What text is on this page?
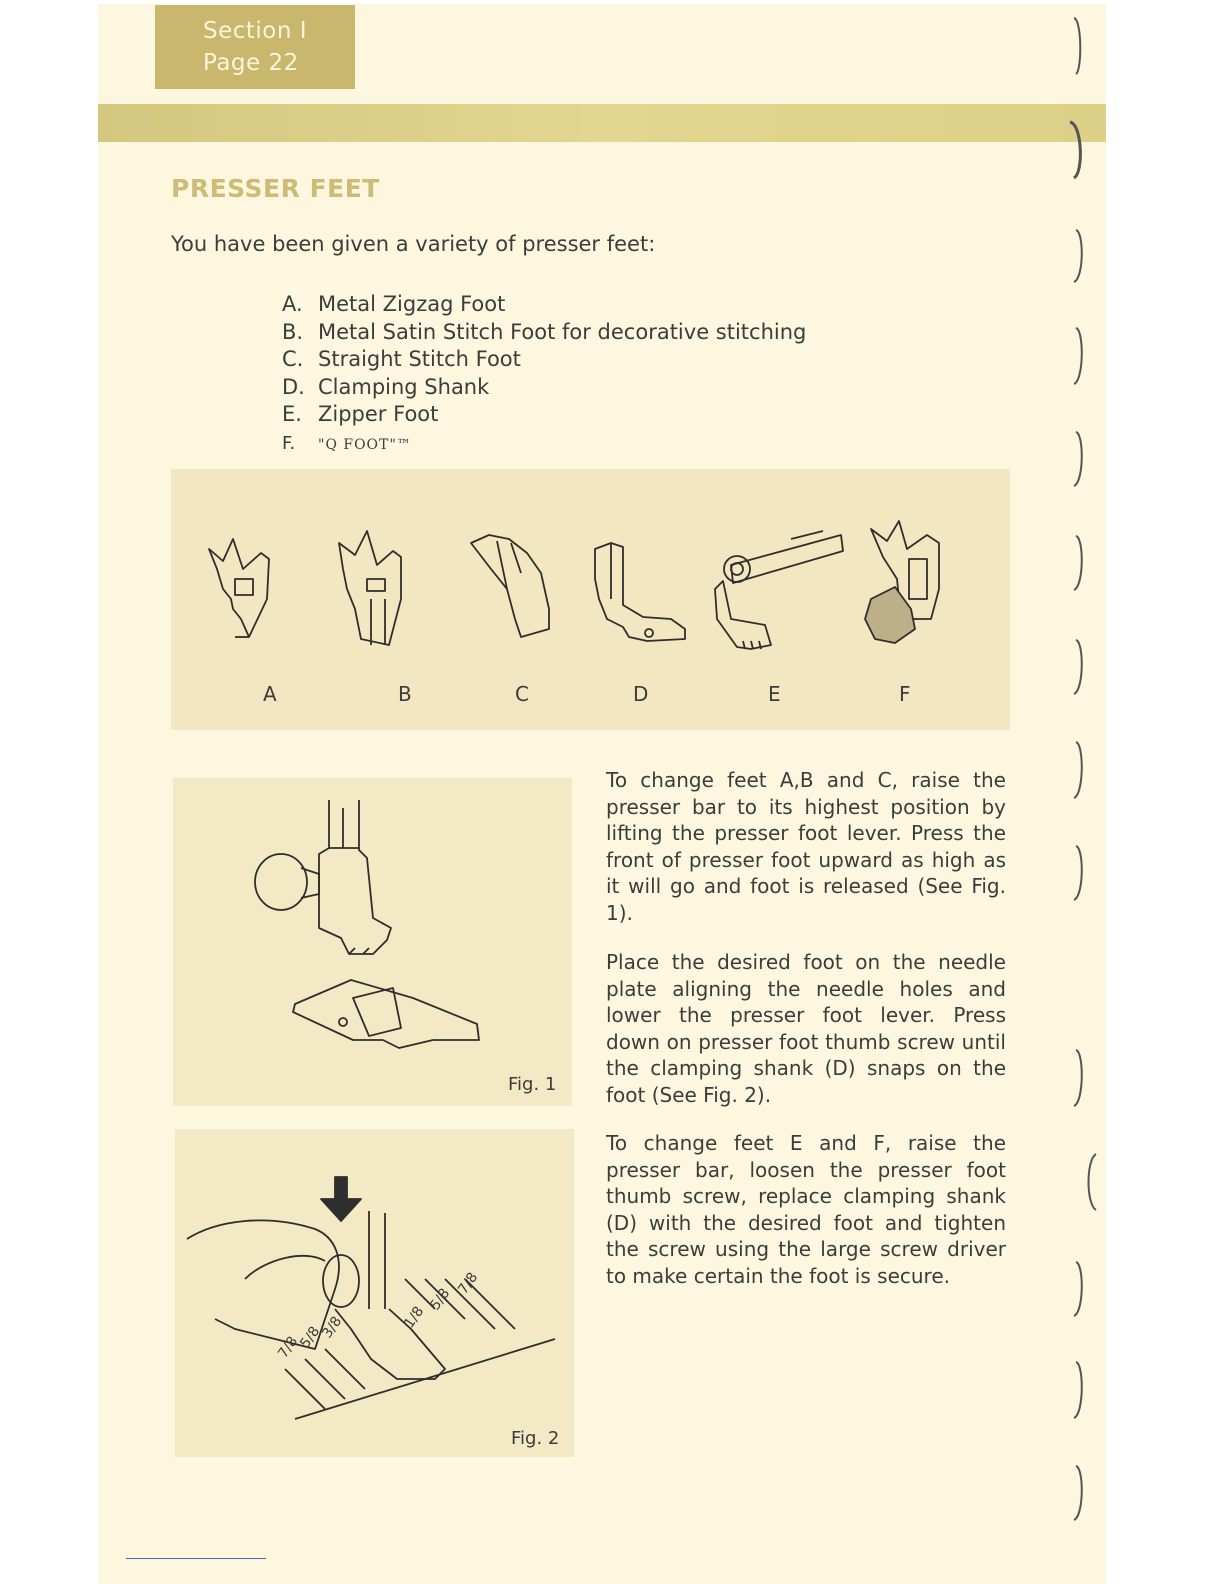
Section Ⅰ
Page 22
PRESSER FEET
You have been given a variety of presser feet:
A. Metal Zigzag Foot
B. Metal Satin Stitch Foot for decorative stitching
C. Straight Stitch Foot
D. Clamping Shank
E. Zipper Foot
F. "Q FOOT"™
A	B	C	D	E	F
Fig. 1
7/8
5/8
3/8	1/8
5/8
7/8
Fig. 2

To change feet A,B and C, raise the presser bar to its highest position by lifting the presser foot lever. Press the front of presser foot upward as high as it will go and foot is released (See Fig. 1).

Place the desired foot on the needle plate aligning the needle holes and lower the presser foot lever. Press down on presser foot thumb screw until the clamping shank (D) snaps on the foot (See Fig. 2).

To change feet E and F, raise the presser bar, loosen the presser foot thumb screw, replace clamping shank (D) with the desired foot and tighten the screw using the large screw driver to make certain the foot is secure.
